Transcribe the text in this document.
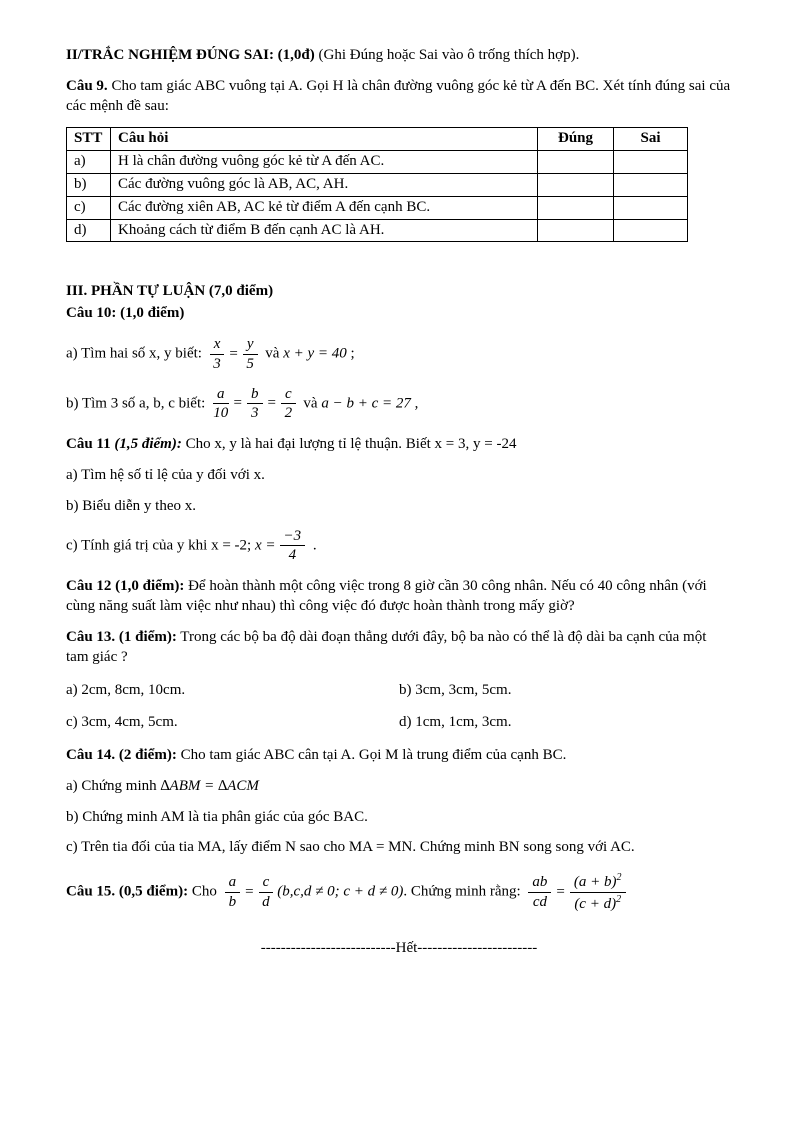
II/TRẮC NGHIỆM ĐÚNG SAI: (1,0đ) (Ghi Đúng hoặc Sai vào ô trống thích hợp).

Câu 9. Cho tam giác ABC vuông tại A. Gọi H là chân đường vuông góc kẻ từ A đến BC. Xét tính đúng sai của các mệnh đề sau:

STT	Câu hỏi	Đúng	Sai
a)	H là chân đường vuông góc kẻ từ A đến AC.		
b)	Các đường vuông góc là AB, AC, AH.		
c)	Các đường xiên AB, AC kẻ từ điểm A đến cạnh BC.		
d)	Khoảng cách từ điểm B đến cạnh AC là AH.		

III. PHẦN TỰ LUẬN (7,0 điểm)

Câu 10: (1,0 điểm)

a) Tìm hai số x, y biết: $\frac{x}{3} = \frac{y}{5}$ và x + y = 40 ;

b) Tìm 3 số a, b, c biết: $\frac{a}{10} = \frac{b}{3} = \frac{c}{2}$ và a − b + c = 27 ,

Câu 11 (1,5 điểm): Cho x, y là hai đại lượng tỉ lệ thuận. Biết x = 3, y = -24

a) Tìm hệ số tỉ lệ của y đối với x.

b) Biểu diễn y theo x.

c) Tính giá trị của y khi x = -2; $x = \frac{-3}{4}$ .

Câu 12 (1,0 điểm): Để hoàn thành một công việc trong 8 giờ cần 30 công nhân. Nếu có 40 công nhân (với cùng năng suất làm việc như nhau) thì công việc đó được hoàn thành trong mấy giờ?

Câu 13. (1 điểm): Trong các bộ ba độ dài đoạn thẳng dưới đây, bộ ba nào có thể là độ dài ba cạnh của một tam giác ?

a) 2cm, 8cm, 10cm.	b) 3cm, 3cm, 5cm.
c) 3cm, 4cm, 5cm.	d) 1cm, 1cm, 3cm.

Câu 14. (2 điểm): Cho tam giác ABC cân tại A. Gọi M là trung điểm của cạnh BC.

a) Chứng minh ∆ABM = ∆ACM

b) Chứng minh AM là tia phân giác của góc BAC.

c) Trên tia đối của tia MA, lấy điểm N sao cho MA = MN. Chứng minh BN song song với AC.

Câu 15. (0,5 điểm): Cho $\frac{a}{b} = \frac{c}{d} (b,c,d \ne 0$; c + d ≠ 0). Chứng minh rằng: $\frac{ab}{cd} = \frac{(a + b)^2}{(c + d)^2}$

---------------------------Hết------------------------
